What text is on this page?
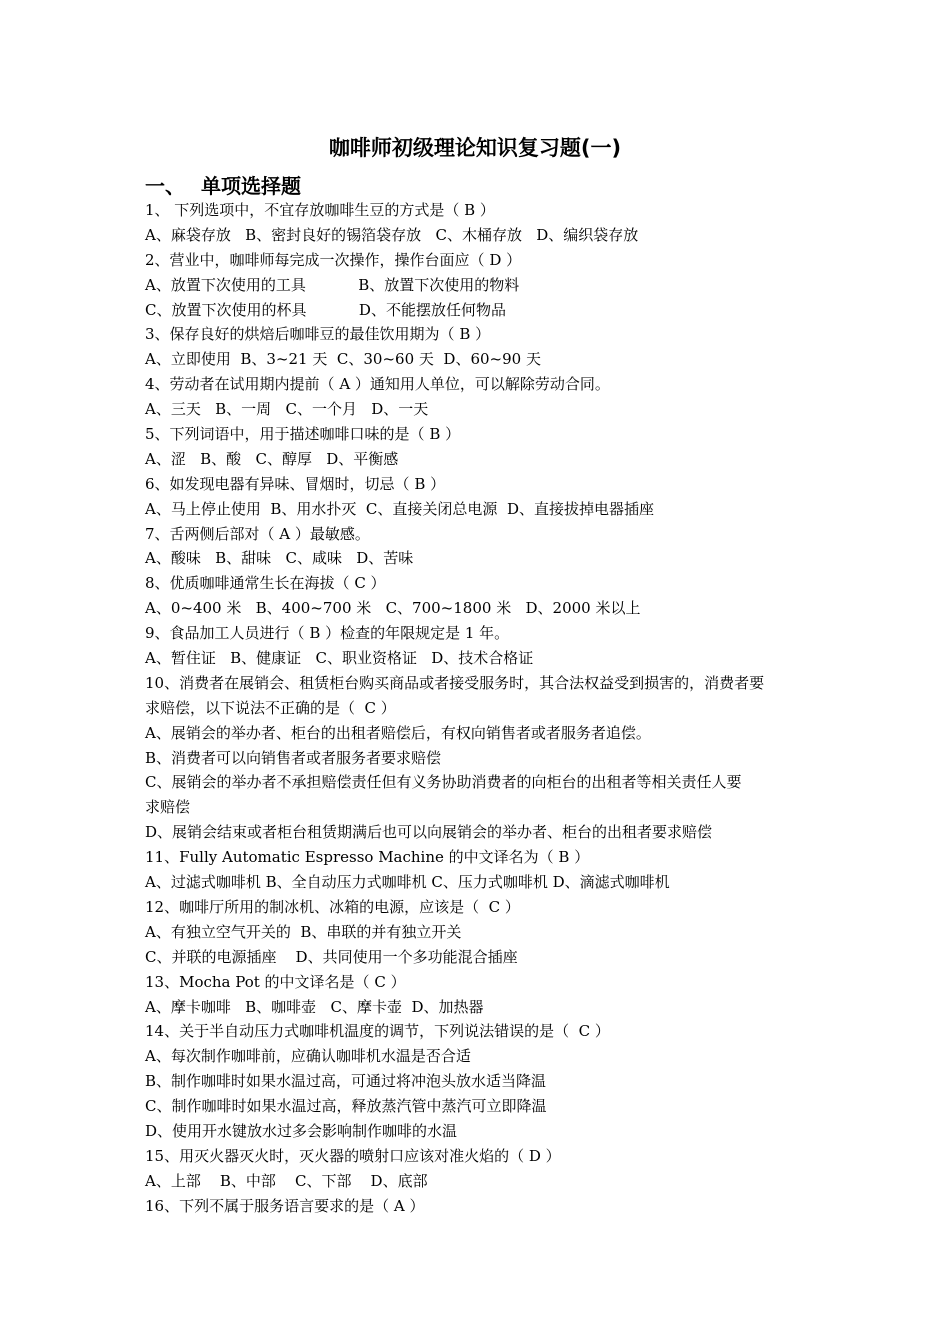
咖啡师初级理论知识复习题(一)
一、 单项选择题
1、 下列选项中，不宜存放咖啡生豆的方式是（ B ）
A、麻袋存放   B、密封良好的锡箔袋存放   C、木桶存放   D、编织袋存放
2、营业中，咖啡师每完成一次操作，操作台面应（ D ）
A、放置下次使用的工具           B、放置下次使用的物料
C、放置下次使用的杯具           D、不能摆放任何物品
3、保存良好的烘焙后咖啡豆的最佳饮用期为（ B ）
A、立即使用  B、3~21 天  C、30~60 天  D、60~90 天
4、劳动者在试用期内提前（ A ）通知用人单位，可以解除劳动合同。
A、三天   B、一周   C、一个月   D、一天
5、下列词语中，用于描述咖啡口味的是（ B ）
A、涩   B、酸   C、醇厚   D、平衡感
6、如发现电器有异味、冒烟时，切忌（ B ）
A、马上停止使用  B、用水扑灭  C、直接关闭总电源  D、直接拔掉电器插座
7、舌两侧后部对（ A ）最敏感。
A、酸味   B、甜味   C、咸味   D、苦味
8、优质咖啡通常生长在海拔（ C ）
A、0~400 米   B、400~700 米   C、700~1800 米   D、2000 米以上
9、食品加工人员进行（ B ）检查的年限规定是 1 年。
A、暂住证   B、健康证   C、职业资格证   D、技术合格证
10、消费者在展销会、租赁柜台购买商品或者接受服务时，其合法权益受到损害的，消费者要
求赔偿，以下说法不正确的是（  C ）
A、展销会的举办者、柜台的出租者赔偿后，有权向销售者或者服务者追偿。
B、消费者可以向销售者或者服务者要求赔偿
C、展销会的举办者不承担赔偿责任但有义务协助消费者的向柜台的出租者等相关责任人要
求赔偿
D、展销会结束或者柜台租赁期满后也可以向展销会的举办者、柜台的出租者要求赔偿
11、Fully Automatic Espresso Machine 的中文译名为（ B ）
A、过滤式咖啡机 B、全自动压力式咖啡机 C、压力式咖啡机 D、滴滤式咖啡机
12、咖啡厅所用的制冰机、冰箱的电源，应该是（  C ）
A、有独立空气开关的  B、串联的并有独立开关
C、并联的电源插座    D、共同使用一个多功能混合插座
13、Mocha Pot 的中文译名是（ C ）
A、摩卡咖啡   B、咖啡壶   C、摩卡壶  D、加热器
14、关于半自动压力式咖啡机温度的调节，下列说法错误的是（  C ）
A、每次制作咖啡前，应确认咖啡机水温是否合适
B、制作咖啡时如果水温过高，可通过将冲泡头放水适当降温
C、制作咖啡时如果水温过高，释放蒸汽管中蒸汽可立即降温
D、使用开水键放水过多会影响制作咖啡的水温
15、用灭火器灭火时，灭火器的喷射口应该对准火焰的（ D ）
A、上部    B、中部    C、下部    D、底部
16、下列不属于服务语言要求的是（ A ）
